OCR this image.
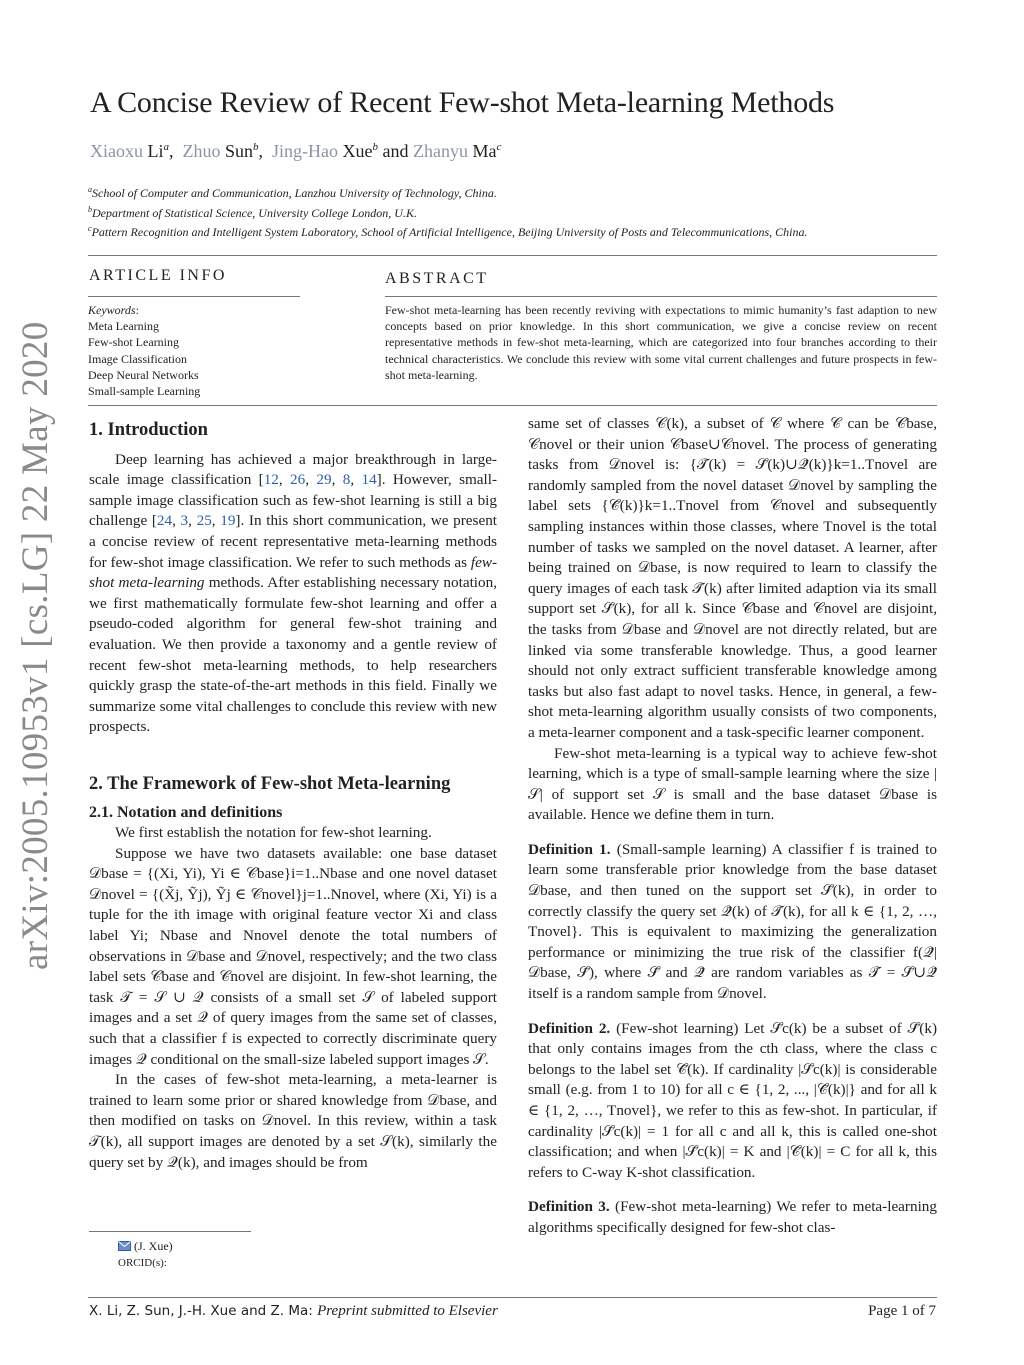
arXiv:2005.10953v1 [cs.LG] 22 May 2020
A Concise Review of Recent Few-shot Meta-learning Methods
Xiaoxu Li$^a$,  Zhuo Sun$^b$,  Jing-Hao Xue$^b$ and Zhanyu Ma$^c$
$^a$School of Computer and Communication, Lanzhou University of Technology, China.
$^b$Department of Statistical Science, University College London, U.K.
$^c$Pattern Recognition and Intelligent System Laboratory, School of Artificial Intelligence, Beijing University of Posts and Telecommunications, China.
ARTICLE INFO	ABSTRACT
Keywords:
Meta Learning
Few-shot Learning
Image Classification
Deep Neural Networks
Small-sample Learning
Few-shot meta-learning has been recently reviving with expectations to mimic humanity’s fast adaption to new concepts based on prior knowledge. In this short communication, we give a concise review on recent representative methods in few-shot meta-learning, which are categorized into four branches according to their technical characteristics. We conclude this review with some vital current challenges and future prospects in few-shot meta-learning.
1. Introduction

Deep learning has achieved a major breakthrough in large-scale image classification [12, 26, 29, 8, 14]. However, small-sample image classification such as few-shot learning is still a big challenge [24, 3, 25, 19]. In this short communication, we present a concise review of recent representative meta-learning methods for few-shot image classification. We refer to such methods as few-shot meta-learning methods. After establishing necessary notation, we first mathematically formulate few-shot learning and offer a pseudo-coded algorithm for general few-shot training and evaluation. We then provide a taxonomy and a gentle review of recent few-shot meta-learning methods, to help researchers quickly grasp the state-of-the-art methods in this field. Finally we summarize some vital challenges to conclude this review with new prospects.

2. The Framework of Few-shot Meta-learning
2.1. Notation and definitions

We first establish the notation for few-shot learning.

Suppose we have two datasets available: one base dataset 𝒟base = {(Xi, Yi), Yi ∈ 𝒞base}i=1..Nbase and one novel dataset 𝒟novel = {(X̃j, Ỹj), Ỹj ∈ 𝒞novel}j=1..Nnovel, where (Xi, Yi) is a tuple for the ith image with original feature vector Xi and class label Yi; Nbase and Nnovel denote the total numbers of observations in 𝒟base and 𝒟novel, respectively; and the two class label sets 𝒞base and 𝒞novel are disjoint. In few-shot learning, the task 𝒯 = 𝒮 ∪ 𝒬 consists of a small set 𝒮 of labeled support images and a set 𝒬 of query images from the same set of classes, such that a classifier f is expected to correctly discriminate query images 𝒬 conditional on the small-size labeled support images 𝒮.

In the cases of few-shot meta-learning, a meta-learner is trained to learn some prior or shared knowledge from 𝒟base, and then modified on tasks on 𝒟novel. In this review, within a task 𝒯(k), all support images are denoted by a set 𝒮(k), similarly the query set by 𝒬(k), and images should be from

(J. Xue)
ORCID(s):

same set of classes 𝒞(k), a subset of 𝒞 where 𝒞 can be 𝒞base, 𝒞novel or their union 𝒞base∪𝒞novel. The process of generating tasks from 𝒟novel is: {𝒯̃(k) = 𝒮̃(k)∪𝒬̃(k)}k=1..Tnovel are randomly sampled from the novel dataset 𝒟novel by sampling the label sets {𝒞̃(k)}k=1..Tnovel from 𝒞novel and subsequently sampling instances within those classes, where Tnovel is the total number of tasks we sampled on the novel dataset. A learner, after being trained on 𝒟base, is now required to learn to classify the query images of each task 𝒯̃(k) after limited adaption via its small support set 𝒮̃(k), for all k. Since 𝒞base and 𝒞novel are disjoint, the tasks from 𝒟base and 𝒟novel are not directly related, but are linked via some transferable knowledge. Thus, a good learner should not only extract sufficient transferable knowledge among tasks but also fast adapt to novel tasks. Hence, in general, a few-shot meta-learning algorithm usually consists of two components, a meta-learner component and a task-specific learner component.

Few-shot meta-learning is a typical way to achieve few-shot learning, which is a type of small-sample learning where the size |𝒮| of support set 𝒮 is small and the base dataset 𝒟base is available. Hence we define them in turn.

Definition 1. (Small-sample learning) A classifier f is trained to learn some transferable prior knowledge from the base dataset 𝒟base, and then tuned on the support set 𝒮̃(k), in order to correctly classify the query set 𝒬̃(k) of 𝒯̃(k), for all k ∈ {1, 2, …, Tnovel}. This is equivalent to maximizing the generalization performance or minimizing the true risk of the classifier f(𝒬̃|𝒟base, 𝒮̃), where 𝒮̃ and 𝒬̃ are random variables as 𝒯̃ = 𝒮̃∪𝒬̃ itself is a random sample from 𝒟novel.

Definition 2. (Few-shot learning) Let 𝒮̃c(k) be a subset of 𝒮̃(k) that only contains images from the cth class, where the class c belongs to the label set 𝒞̃(k). If cardinality |𝒮̃c(k)| is considerable small (e.g. from 1 to 10) for all c ∈ {1, 2, ..., |𝒞̃(k)|} and for all k ∈ {1, 2, …, Tnovel}, we refer to this as few-shot. In particular, if cardinality |𝒮̃c(k)| = 1 for all c and all k, this is called one-shot classification; and when |𝒮̃c(k)| = K and |𝒞̃(k)| = C for all k, this refers to C-way K-shot classification.

Definition 3. (Few-shot meta-learning) We refer to meta-learning algorithms specifically designed for few-shot clas-

X. Li, Z. Sun, J.-H. Xue and Z. Ma: Preprint submitted to Elsevier	Page 1 of 7
